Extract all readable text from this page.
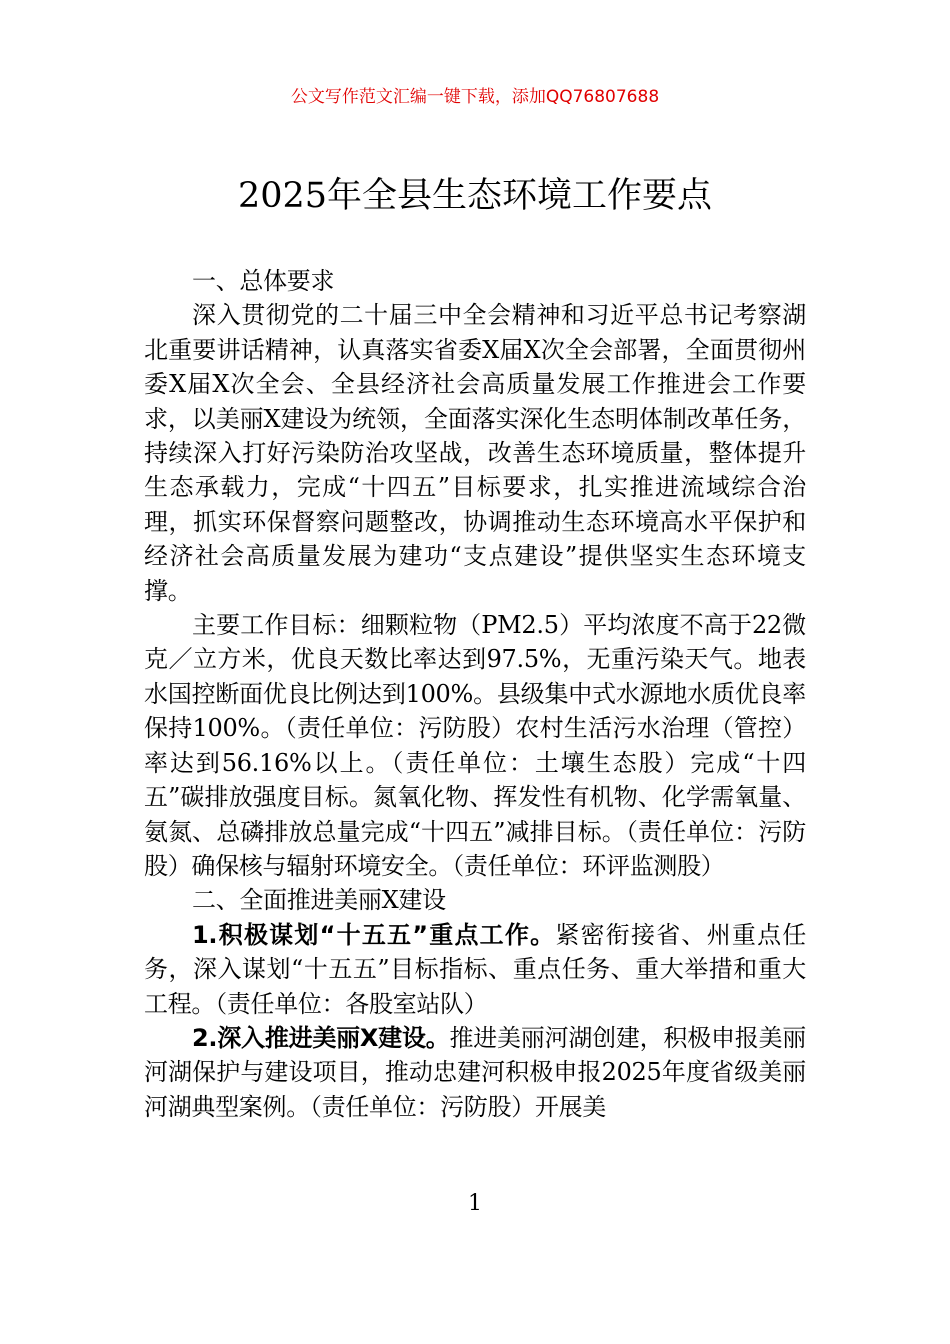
公文写作范文汇编一键下载，添加QQ76807688
2025年全县生态环境工作要点

一、总体要求

深入贯彻党的二十届三中全会精神和习近平总书记考察湖北重要讲话精神，认真落实省委X届X次全会部署，全面贯彻州委X届X次全会、全县经济社会高质量发展工作推进会工作要求，以美丽X建设为统领，全面落实深化生态明体制改革任务，持续深入打好污染防治攻坚战，改善生态环境质量，整体提升生态承载力，完成“十四五”目标要求，扎实推进流域综合治理，抓实环保督察问题整改，协调推动生态环境高水平保护和经济社会高质量发展为建功“支点建设”提供坚实生态环境支撑。

主要工作目标：细颗粒物（PM2.5）平均浓度不高于22微克／立方米，优良天数比率达到97.5%，无重污染天气。地表水国控断面优良比例达到100%。县级集中式水源地水质优良率保持100%。（责任单位：污防股）农村生活污水治理（管控）率达到56.16%以上。（责任单位：土壤生态股）完成“十四五”碳排放强度目标。氮氧化物、挥发性有机物、化学需氧量、氨氮、总磷排放总量完成“十四五”减排目标。（责任单位：污防股）确保核与辐射环境安全。（责任单位：环评监测股）

二、全面推进美丽X建设

1.积极谋划“十五五”重点工作。紧密衔接省、州重点任务，深入谋划“十五五”目标指标、重点任务、重大举措和重大工程。（责任单位：各股室站队）

2.深入推进美丽X建设。推进美丽河湖创建，积极申报美丽河湖保护与建设项目，推动忠建河积极申报2025年度省级美丽河湖典型案例。（责任单位：污防股）开展美

1
